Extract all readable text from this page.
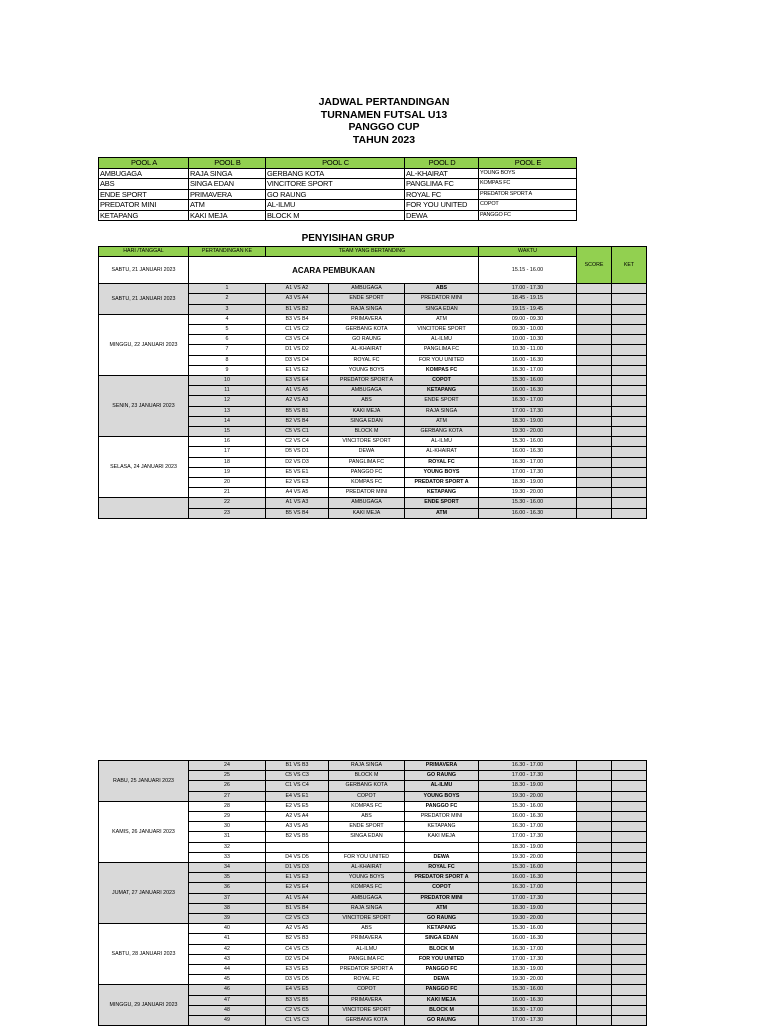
JADWAL PERTANDINGAN
TURNAMEN FUTSAL U13
PANGGO CUP
TAHUN 2023
POOL A	POOL B	POOL C	POOL D	POOL E
AMBUGAGA	RAJA SINGA	GERBANG KOTA	AL-KHAIRAT	YOUNG BOYS
ABS	SINGA EDAN	VINCITORE SPORT	PANGLIMA FC	KOMPAS FC
ENDE SPORT	PRIMAVERA	GO RAUNG	ROYAL FC	PREDATOR SPORT A
PREDATOR MINI	ATM	AL-ILMU	FOR YOU UNITED	COPOT
KETAPANG	KAKI MEJA	BLOCK M	DEWA	PANGGO FC
PENYISIHAN GRUP
HARI /TANGGAL	PERTANDINGAN KE	TEAM YANG BERTANDING			WAKTU	SCORE	KET
SABTU, 21 JANUARI 2023	ACARA PEMBUKAAN				15.15 - 16.00		
SABTU, 21 JANUARI 2023	1	A1 VS A2	AMBUGAGA	ABS	17.00 - 17.30		
	2	A3 VS A4	ENDE SPORT	PREDATOR MINI	18.45 - 19.15		
	3	B1 VS B2	RAJA SINGA	SINGA EDAN	19.15 - 19.45		
MINGGU, 22 JANUARI 2023	4	B3 VS B4	PRIMAVERA	ATM	09.00 - 09.30		
	5	C1 VS C2	GERBANG KOTA	VINCITORE SPORT	09.30 - 10.00		
	6	C3 VS C4	GO RAUNG	AL-ILMU	10.00 - 10.30		
	7	D1 VS D2	AL-KHAIRAT	PANGLIMA FC	10.30 - 11.00		
	8	D3 VS D4	ROYAL FC	FOR YOU UNITED	16.00 - 16.30		
	9	E1 VS E2	YOUNG BOYS	KOMPAS FC	16.30 - 17.00		
SENIN, 23 JANUARI 2023	10	E3 VS E4	PREDATOR SPORT A	COPOT	15.30 - 16.00		
	11	A1 VS A5	AMBUGAGA	KETAPANG	16.00 - 16.30		
	12	A2 VS A3	ABS	ENDE SPORT	16.30 - 17.00		
	13	B5 VS B1	KAKI MEJA	RAJA SINGA	17.00 - 17.30		
	14	B2 VS B4	SINGA EDAN	ATM	18.30 - 19.00		
	15	C5 VS C1	BLOCK M	GERBANG KOTA	19.30 - 20.00		
SELASA, 24 JANUARI 2023	16	C2 VS C4	VINCITORE SPORT	AL-ILMU	15.30 - 16.00		
	17	D5 VS D1	DEWA	AL-KHAIRAT	16.00 - 16.30		
	18	D2 VS D3	PANGLIMA FC	ROYAL FC	16.30 - 17.00		
	19	E5 VS E1	PANGGO FC	YOUNG BOYS	17.00 - 17.30		
	20	E2 VS E3	KOMPAS FC	PREDATOR SPORT A	18.30 - 19.00		
	21	A4 VS A5	PREDATOR MINI	KETAPANG	19.30 - 20.00		
	22	A1 VS A3	AMBUGAGA	ENDE SPORT	15.30 - 16.00		
	23	B5 VS B4	KAKI MEJA	ATM	16.00 - 16.30		
RABU, 25 JANUARI 2023	24	B1 VS B3	RAJA SINGA	PRIMAVERA	16.30 - 17.00		
	25	C5 VS C3	BLOCK M	GO RAUNG	17.00 - 17.30		
	26	C1 VS C4	GERBANG KOTA	AL-ILMU	18.30 - 19.00		
	27	E4 VS E1	COPOT	YOUNG BOYS	19.30 - 20.00		
KAMIS, 26 JANUARI 2023	28	E2 VS E5	KOMPAS FC	PANGGO FC	15.30 - 16.00		
	29	A2 VS A4	ABS	PREDATOR MINI	16.00 - 16.30		
	30	A3 VS A5	ENDE SPORT	KETAPANG	16.30 - 17.00		
	31	B2 VS B5	SINGA EDAN	KAKI MEJA	17.00 - 17.30		
	32				18.30 - 19.00		
	33	D4 VS D5	FOR YOU UNITED	DEWA	19.30 - 20.00		
JUMAT, 27 JANUARI 2023	34	D1 VS D3	AL-KHAIRAT	ROYAL FC	15.30 - 16.00		
	35	E1 VS E3	YOUNG BOYS	PREDATOR SPORT A	16.00 - 16.30		
	36	E2 VS E4	KOMPAS FC	COPOT	16.30 - 17.00		
	37	A1 VS A4	AMBUGAGA	PREDATOR MINI	17.00 - 17.30		
	38	B1 VS B4	RAJA SINGA	ATM	18.30 - 19.00		
	39	C2 VS C3	VINCITORE SPORT	GO RAUNG	19.30 - 20.00		
SABTU, 28 JANUARI 2023	40	A2 VS A5	ABS	KETAPANG	15.30 - 16.00		
	41	B2 VS B3	PRIMAVERA	SINGA EDAN	16.00 - 16.30		
	42	C4 VS C5	AL-ILMU	BLOCK M	16.30 - 17.00		
	43	D2 VS D4	PANGLIMA FC	FOR YOU UNITED	17.00 - 17.30		
	44	E3 VS E5	PREDATOR SPORT A	PANGGO FC	18.30 - 19.00		
	45	D3 VS D5	ROYAL FC	DEWA	19.30 - 20.00		
MINGGU, 29 JANUARI 2023	46	E4 VS E5	COPOT	PANGGO FC	15.30 - 16.00		
	47	B3 VS B5	PRIMAVERA	KAKI MEJA	16.00 - 16.30		
	48	C2 VS C5	VINCITORE SPORT	BLOCK M	16.30 - 17.00		
	49	C1 VS C3	GERBANG KOTA	GO RAUNG	17.00 - 17.30		
